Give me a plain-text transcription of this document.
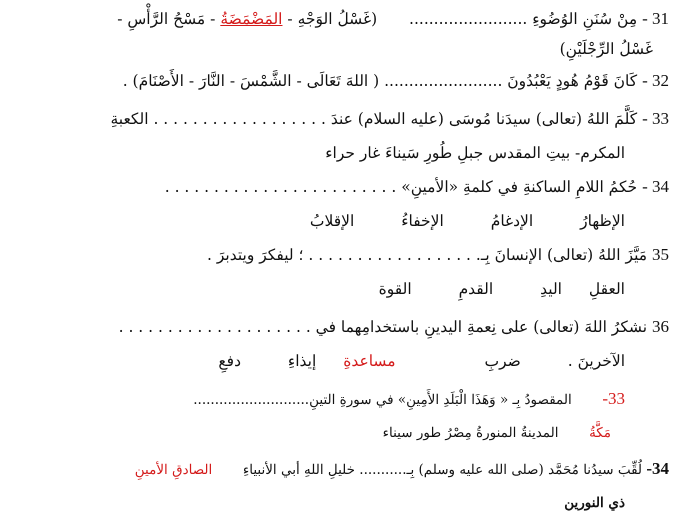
31 - مِنْ سُنَنِ الوُضُوءِ ........................  (غَسْلُ الوَجْهِ - المَضْمَضَةُ - مَسْحُ الرَّأْسِ -
غَسْلُ الرِّجْلَيْنِ)
32 - كَانَ قَوْمُ هُودٍ يَعْبُدُونَ ........................ ( اللهَ تَعَالَى - الشَّمْسَ - النَّارَ - الأَصْنَامَ) .
33 - كَلَّمَ اللهُ (تعالى) سيدَنا مُوسَى (عليه السلام) عندَ . . . . . . . . . . . . . . . . . . الكعبةِ
المكرم- بيتِ المقدس جبلِ طُورِ سَيناءَ غار حراء
34 - حُكمُ اللامِ الساكنةِ في كلمةِ «الأمينِ» . . . . . . . . . . . . . . . . . . . . . . . .
الإظهارُ الإدغامُ الإخفاءُ الإقلابُ
35 مَيَّزَ اللهُ (تعالى) الإنسانَ بِـ. . . . . . . . . . . . . . . . . . ؛ ليفكرَ ويتدبرَ .
العقلِ اليدِ القدمِ القوة
36 نشكرُ اللهَ (تعالى) على نِعمةِ اليدينِ باستخدامِهما في . . . . . . . . . . . . . . . . . . . .
الآخرينَ . ضربِ مساعدةِ إيذاءِ دفعِ
33-  المقصودُ بِـ « وَهَذَا الْبَلَدِ الأَمِينِ» في سورةِ التينِ...........................
مَكَّةُ  المدينةُ المنورةُ مِصْرُ طور سيناء
34- لُقِّبَ سيدُنا مُحَمَّد (صلى الله عليه وسلم) بِـ........... خليلِ اللهِ أبي الأنبياءِ  الصادقِ الأمينِ
ذي النورين
